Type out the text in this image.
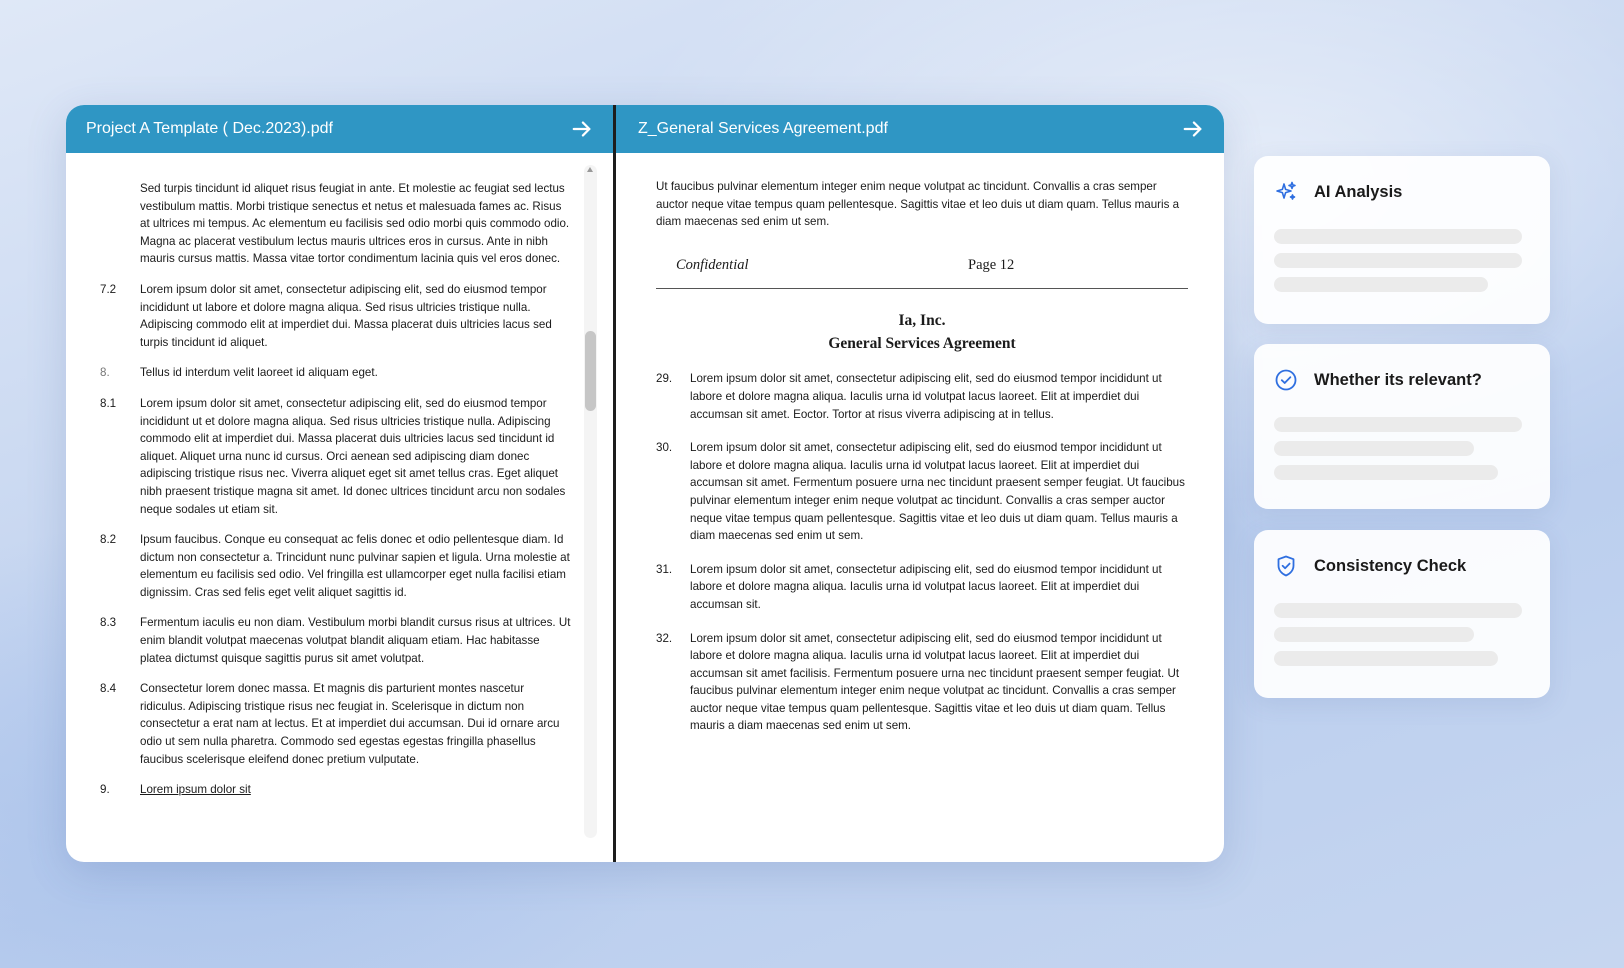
Project A Template ( Dec.2023).pdf
Sed turpis tincidunt id aliquet risus feugiat in ante. Et molestie ac feugiat sed lectus vestibulum mattis. Morbi tristique senectus et netus et malesuada fames ac. Risus at ultrices mi tempus. Ac elementum eu facilisis sed odio morbi quis commodo odio. Magna ac placerat vestibulum lectus mauris ultrices eros in cursus. Ante in nibh mauris cursus mattis. Massa vitae tortor condimentum lacinia quis vel eros donec.
7.2	Lorem ipsum dolor sit amet, consectetur adipiscing elit, sed do eiusmod tempor incididunt ut labore et dolore magna aliqua. Sed risus ultricies tristique nulla. Adipiscing commodo elit at imperdiet dui. Massa placerat duis ultricies lacus sed turpis tincidunt id aliquet.
8.	Tellus id interdum velit laoreet id aliquam eget.
8.1	Lorem ipsum dolor sit amet, consectetur adipiscing elit, sed do eiusmod tempor incididunt ut et dolore magna aliqua. Sed risus ultricies tristique nulla. Adipiscing commodo elit at imperdiet dui. Massa placerat duis ultricies lacus sed tincidunt id aliquet. Aliquet urna nunc id cursus. Orci aenean sed adipiscing diam donec adipiscing tristique risus nec. Viverra aliquet eget sit amet tellus cras. Eget aliquet nibh praesent tristique magna sit amet. Id donec ultrices tincidunt arcu non sodales neque sodales ut etiam sit.
8.2	Ipsum faucibus. Conque eu consequat ac felis donec et odio pellentesque diam. Id dictum non consectetur a. Trincidunt nunc pulvinar sapien et ligula. Urna molestie at elementum eu facilisis sed odio. Vel fringilla est ullamcorper eget nulla facilisi etiam dignissim. Cras sed felis eget velit aliquet sagittis id.
8.3	Fermentum iaculis eu non diam. Vestibulum morbi blandit cursus risus at ultrices. Ut enim blandit volutpat maecenas volutpat blandit aliquam etiam. Hac habitasse platea dictumst quisque sagittis purus sit amet volutpat.
8.4	Consectetur lorem donec massa. Et magnis dis parturient montes nascetur ridiculus. Adipiscing tristique risus nec feugiat in. Scelerisque in dictum non consectetur a erat nam at lectus. Et at imperdiet dui accumsan. Dui id ornare arcu odio ut sem nulla pharetra. Commodo sed egestas egestas fringilla phasellus faucibus scelerisque eleifend donec pretium vulputate.
9.	Lorem ipsum dolor sit
Z_General Services Agreement.pdf
Ut faucibus pulvinar elementum integer enim neque volutpat ac tincidunt. Convallis a cras semper auctor neque vitae tempus quam pellentesque. Sagittis vitae et leo duis ut diam quam. Tellus mauris a diam maecenas sed enim ut sem.
Confidential	Page 12
Ia, Inc.
General Services Agreement
29.	Lorem ipsum dolor sit amet, consectetur adipiscing elit, sed do eiusmod tempor incididunt ut labore et dolore magna aliqua. Iaculis urna id volutpat lacus laoreet. Elit at imperdiet dui accumsan sit amet. Eoctor. Tortor at risus viverra adipiscing at in tellus.
30.	Lorem ipsum dolor sit amet, consectetur adipiscing elit, sed do eiusmod tempor incididunt ut labore et dolore magna aliqua. Iaculis urna id volutpat lacus laoreet. Elit at imperdiet dui accumsan sit amet. Fermentum posuere urna nec tincidunt praesent semper feugiat. Ut faucibus pulvinar elementum integer enim neque volutpat ac tincidunt. Convallis a cras semper auctor neque vitae tempus quam pellentesque. Sagittis vitae et leo duis ut diam quam. Tellus mauris a diam maecenas sed enim ut sem.
31.	Lorem ipsum dolor sit amet, consectetur adipiscing elit, sed do eiusmod tempor incididunt ut labore et dolore magna aliqua. Iaculis urna id volutpat lacus laoreet. Elit at imperdiet dui accumsan sit.
32.	Lorem ipsum dolor sit amet, consectetur adipiscing elit, sed do eiusmod tempor incididunt ut labore et dolore magna aliqua. Iaculis urna id volutpat lacus laoreet. Elit at imperdiet dui accumsan sit amet facilisis. Fermentum posuere urna nec tincidunt praesent semper feugiat. Ut faucibus pulvinar elementum integer enim neque volutpat ac tincidunt. Convallis a cras semper auctor neque vitae tempus quam pellentesque. Sagittis vitae et leo duis ut diam quam. Tellus mauris a diam maecenas sed enim ut sem.
AI Analysis
Whether its relevant?
Consistency Check
